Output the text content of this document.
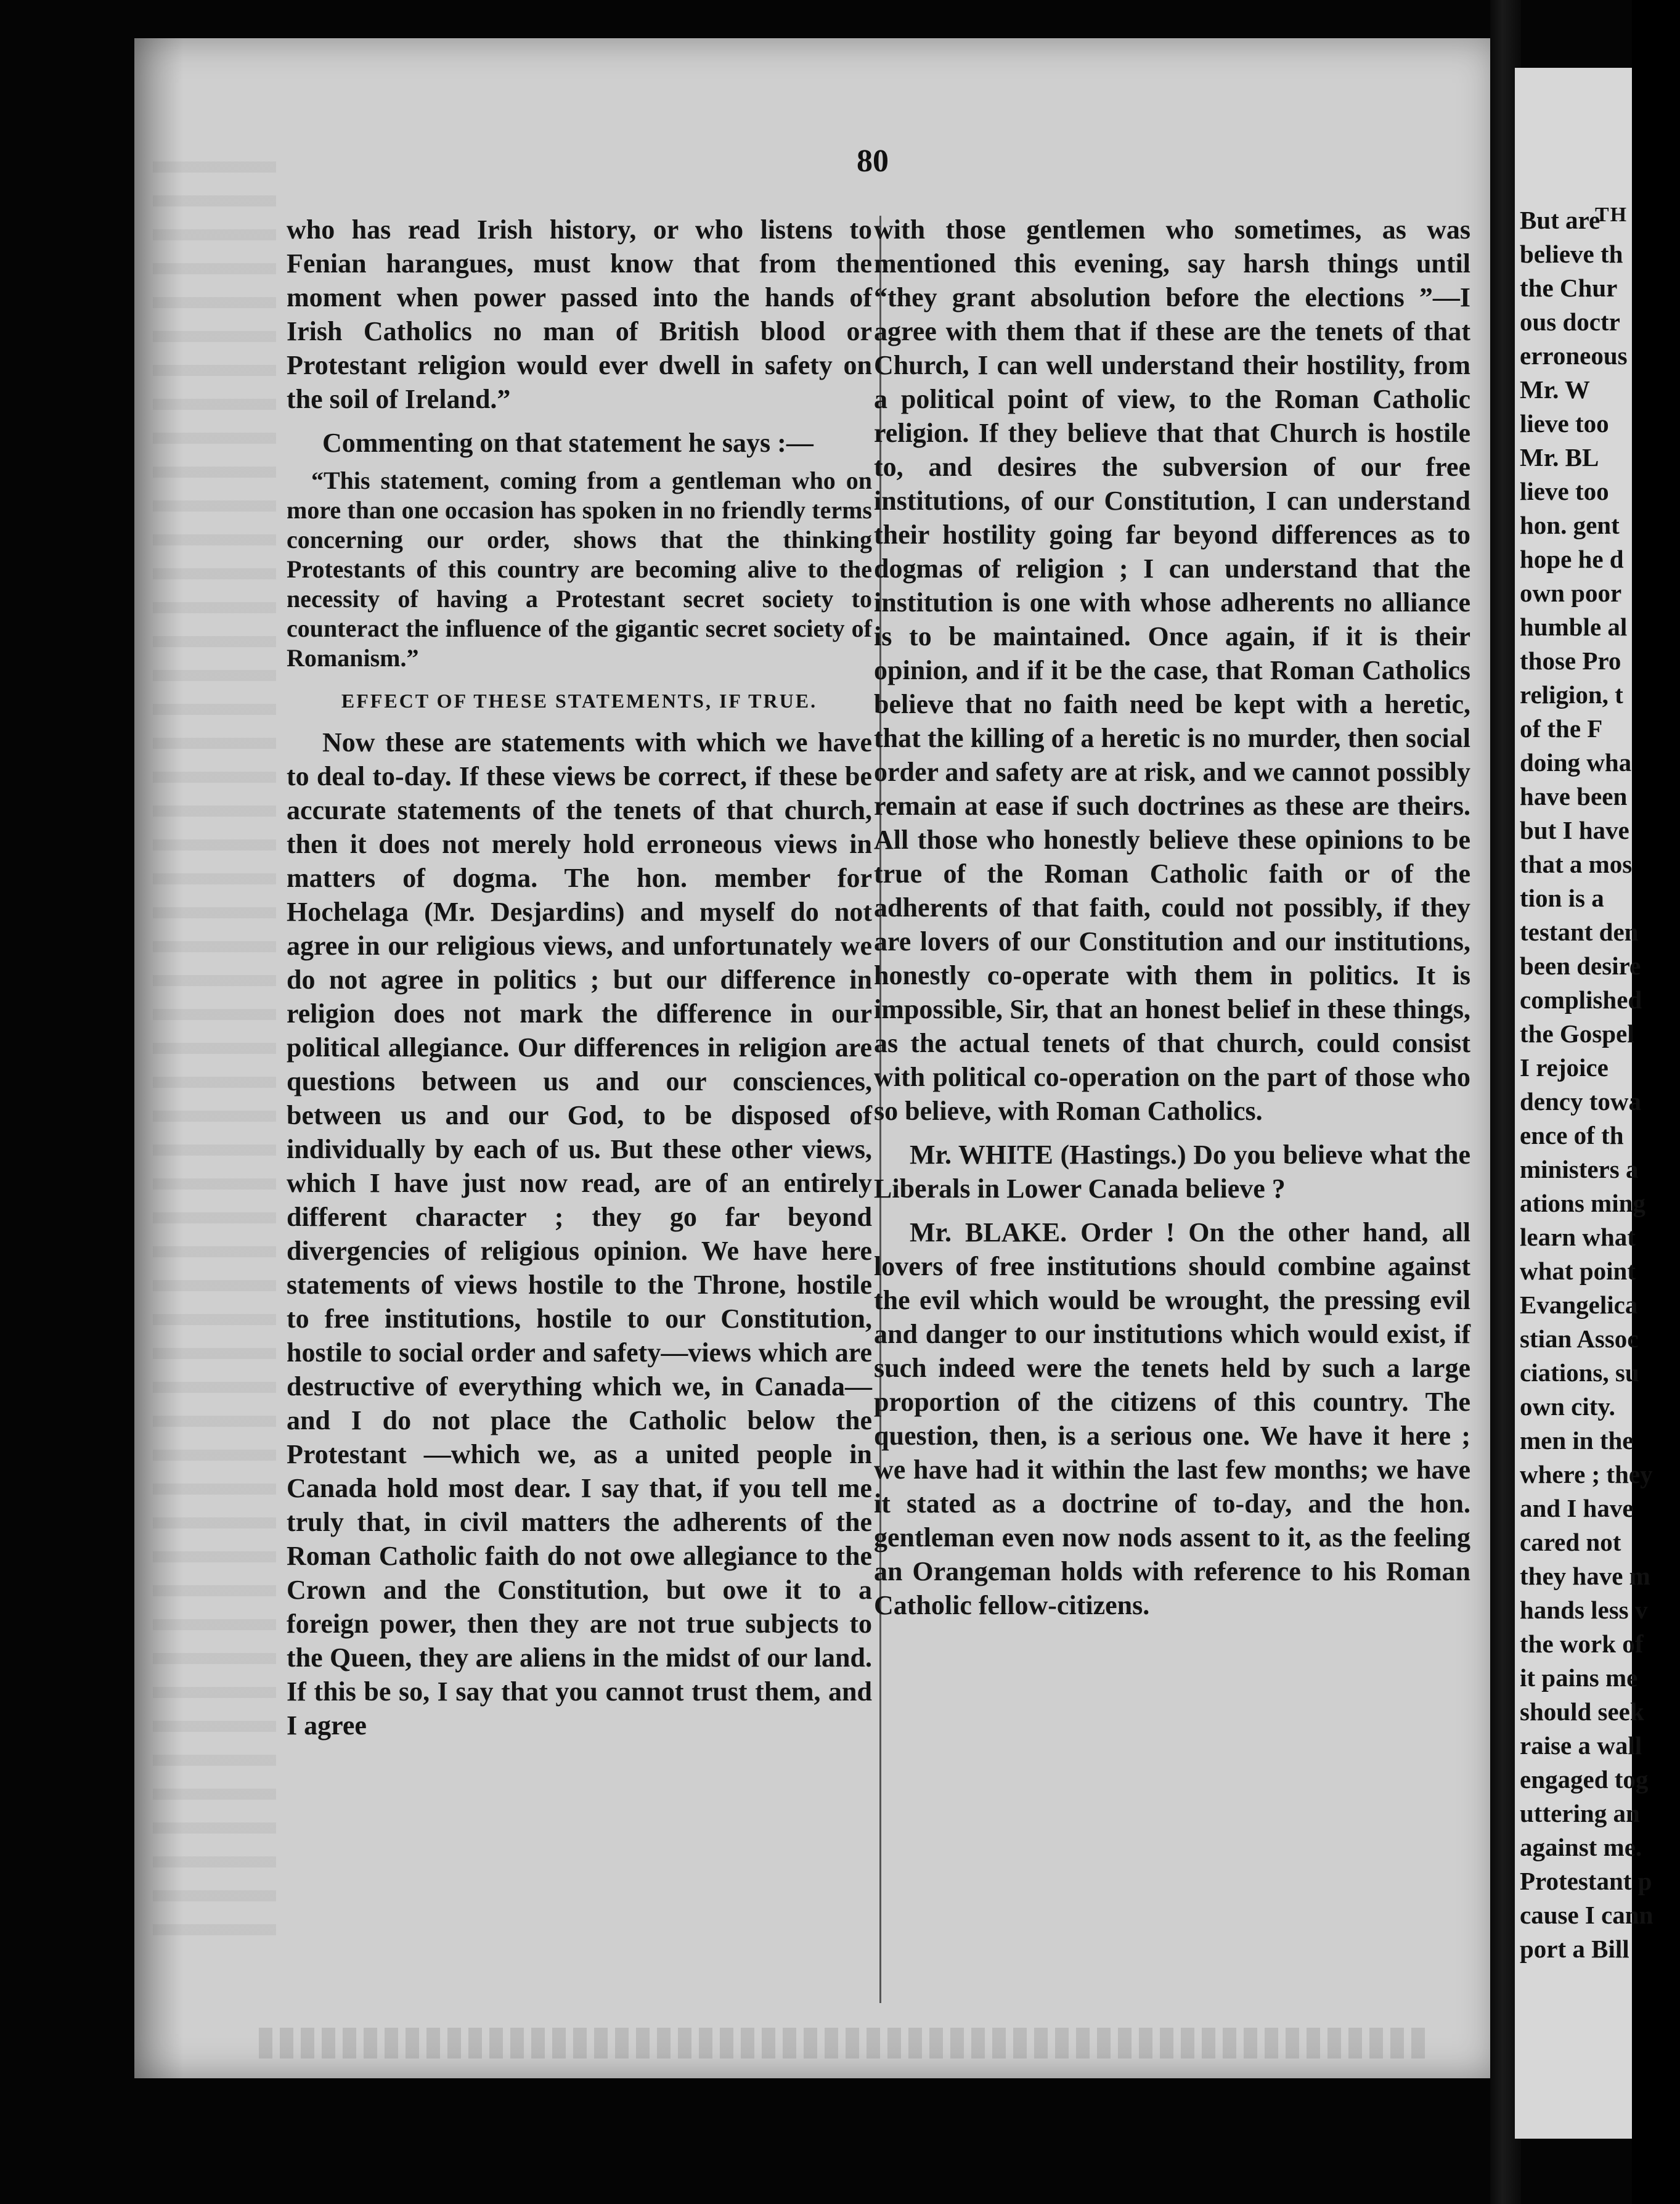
80

who has read Irish history, or who listens to Fenian harangues, must know that from the moment when power passed into the hands of Irish Catholics no man of British blood or Protestant religion would ever dwell in safety on the soil of Ireland.”

Commenting on that statement he says :—

“This statement, coming from a gentleman who on more than one occasion has spoken in no friendly terms concerning our order, shows that the thinking Protestants of this country are becoming alive to the necessity of having a Protestant secret society to counteract the influence of the gigantic secret society of Romanism.”

EFFECT OF THESE STATEMENTS, IF TRUE.

Now these are statements with which we have to deal to-day. If these views be correct, if these be accurate statements of the tenets of that church, then it does not merely hold erroneous views in matters of dogma. The hon. member for Hochelaga (Mr. Desjardins) and myself do not agree in our religious views, and unfortunately we do not agree in politics ; but our difference in religion does not mark the difference in our political allegiance. Our differences in religion are questions between us and our consciences, between us and our God, to be disposed of individually by each of us. But these other views, which I have just now read, are of an entirely different character ; they go far beyond divergencies of religious opinion. We have here statements of views hostile to the Throne, hostile to free institutions, hostile to our Constitution, hostile to social order and safety—views which are destructive of everything which we, in Canada—and I do not place the Catholic below the Protestant —which we, as a united people in Canada hold most dear. I say that, if you tell me truly that, in civil matters the adherents of the Roman Catholic faith do not owe allegiance to the Crown and the Constitution, but owe it to a foreign power, then they are not true subjects to the Queen, they are aliens in the midst of our land. If this be so, I say that you cannot trust them, and I agree

with those gentlemen who sometimes, as was mentioned this evening, say harsh things until “they grant absolution before the elections ”—I agree with them that if these are the tenets of that Church, I can well understand their hostility, from a political point of view, to the Roman Catholic religion. If they believe that that Church is hostile to, and desires the subversion of our free institutions, of our Constitution, I can understand their hostility going far beyond differences as to dogmas of religion ; I can understand that the institution is one with whose adherents no alliance is to be maintained. Once again, if it is their opinion, and if it be the case, that Roman Catholics believe that no faith need be kept with a heretic, that the killing of a heretic is no murder, then social order and safety are at risk, and we cannot possibly remain at ease if such doctrines as these are theirs. All those who honestly believe these opinions to be true of the Roman Catholic faith or of the adherents of that faith, could not possibly, if they are lovers of our Constitution and our institutions, honestly co-operate with them in politics. It is impossible, Sir, that an honest belief in these things, as the actual tenets of that church, could consist with political co-operation on the part of those who so believe, with Roman Catholics.

Mr. WHITE (Hastings.) Do you believe what the Liberals in Lower Canada believe ?

Mr. BLAKE. Order ! On the other hand, all lovers of free institutions should combine against the evil which would be wrought, the pressing evil and danger to our institutions which would exist, if such indeed were the tenets held by such a large proportion of the citizens of this country. The question, then, is a serious one. We have it here ; we have had it within the last few months; we have it stated as a doctrine of to-day, and the hon. gentleman even now nods assent to it, as the feeling an Orangeman holds with reference to his Roman Catholic fellow-citizens.

TH
But are
believe th
the Chur
ous doctr
erroneous
Mr. W
lieve too
Mr. BL
lieve too
hon. gent
hope he d
own poor
humble al
those Pro
religion, t
of the F
doing wha
have been
but I have
that a mos
tion is a
testant den
been desire
complished
the Gospel
I rejoice
dency towa
ence of th
ministers a
ations ming
learn what
what point
Evangelica
stian Assoc
ciations, su
own city.
men in the
where ; they
and I have
cared not
they have m
hands less v
the work of
it pains me
should seek
raise a wall
engaged tog
uttering an
against me.
Protestant p
cause I cann
port a Bill
